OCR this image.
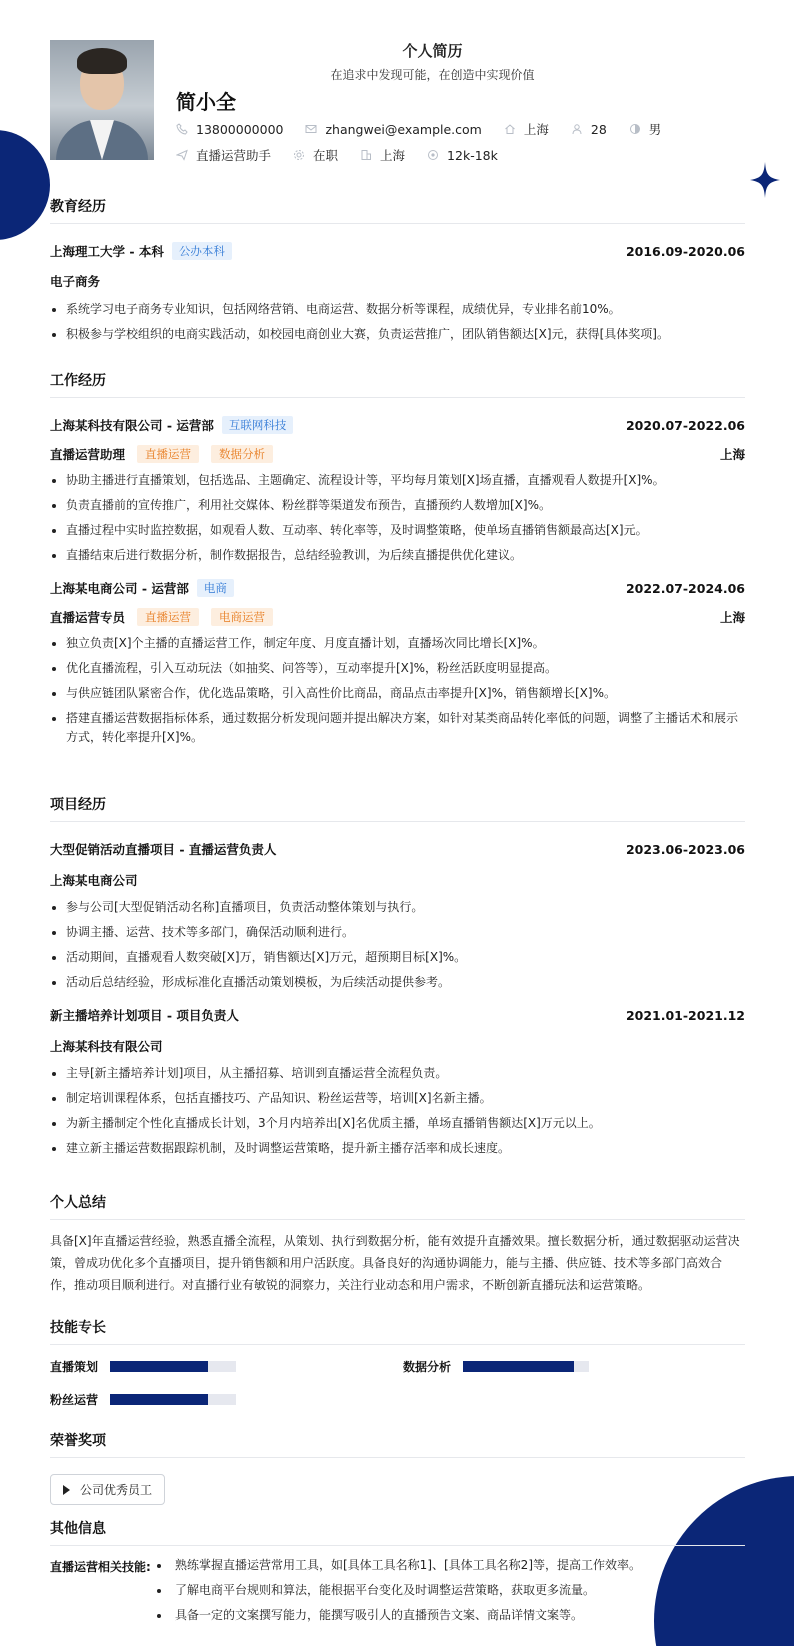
个人简历
在追求中发现可能，在创造中实现价值
简小全
13800000000	zhangwei@example.com	上海	28	男
直播运营助手	在职	上海	12k-18k
教育经历
上海理工大学 - 本科	公办本科	2016.09-2020.06
电子商务
系统学习电子商务专业知识，包括网络营销、电商运营、数据分析等课程，成绩优异，专业排名前10%。
积极参与学校组织的电商实践活动，如校园电商创业大赛，负责运营推广，团队销售额达[X]元，获得[具体奖项]。
工作经历
上海某科技有限公司 - 运营部	互联网科技	2020.07-2022.06
直播运营助理	直播运营	数据分析	上海
协助主播进行直播策划，包括选品、主题确定、流程设计等，平均每月策划[X]场直播，直播观看人数提升[X]%。
负责直播前的宣传推广，利用社交媒体、粉丝群等渠道发布预告，直播预约人数增加[X]%。
直播过程中实时监控数据，如观看人数、互动率、转化率等，及时调整策略，使单场直播销售额最高达[X]元。
直播结束后进行数据分析，制作数据报告，总结经验教训，为后续直播提供优化建议。
上海某电商公司 - 运营部	电商	2022.07-2024.06
直播运营专员	直播运营	电商运营	上海
独立负责[X]个主播的直播运营工作，制定年度、月度直播计划，直播场次同比增长[X]%。
优化直播流程，引入互动玩法（如抽奖、问答等），互动率提升[X]%，粉丝活跃度明显提高。
与供应链团队紧密合作，优化选品策略，引入高性价比商品，商品点击率提升[X]%，销售额增长[X]%。
搭建直播运营数据指标体系，通过数据分析发现问题并提出解决方案，如针对某类商品转化率低的问题，调整了主播话术和展示方式，转化率提升[X]%。
项目经历
大型促销活动直播项目 - 直播运营负责人	2023.06-2023.06
上海某电商公司
参与公司[大型促销活动名称]直播项目，负责活动整体策划与执行。
协调主播、运营、技术等多部门，确保活动顺利进行。
活动期间，直播观看人数突破[X]万，销售额达[X]万元，超预期目标[X]%。
活动后总结经验，形成标准化直播活动策划模板，为后续活动提供参考。
新主播培养计划项目 - 项目负责人	2021.01-2021.12
上海某科技有限公司
主导[新主播培养计划]项目，从主播招募、培训到直播运营全流程负责。
制定培训课程体系，包括直播技巧、产品知识、粉丝运营等，培训[X]名新主播。
为新主播制定个性化直播成长计划，3个月内培养出[X]名优质主播，单场直播销售额达[X]万元以上。
建立新主播运营数据跟踪机制，及时调整运营策略，提升新主播存活率和成长速度。
个人总结
具备[X]年直播运营经验，熟悉直播全流程，从策划、执行到数据分析，能有效提升直播效果。擅长数据分析，通过数据驱动运营决策，曾成功优化多个直播项目，提升销售额和用户活跃度。具备良好的沟通协调能力，能与主播、供应链、技术等多部门高效合作，推动项目顺利进行。对直播行业有敏锐的洞察力，关注行业动态和用户需求，不断创新直播玩法和运营策略。
技能专长
直播策划	数据分析
粉丝运营
荣誉奖项
公司优秀员工
其他信息
直播运营相关技能:	熟练掌握直播运营常用工具，如[具体工具名称1]、[具体工具名称2]等，提高工作效率。
了解电商平台规则和算法，能根据平台变化及时调整运营策略，获取更多流量。
具备一定的文案撰写能力，能撰写吸引人的直播预告文案、商品详情文案等。
